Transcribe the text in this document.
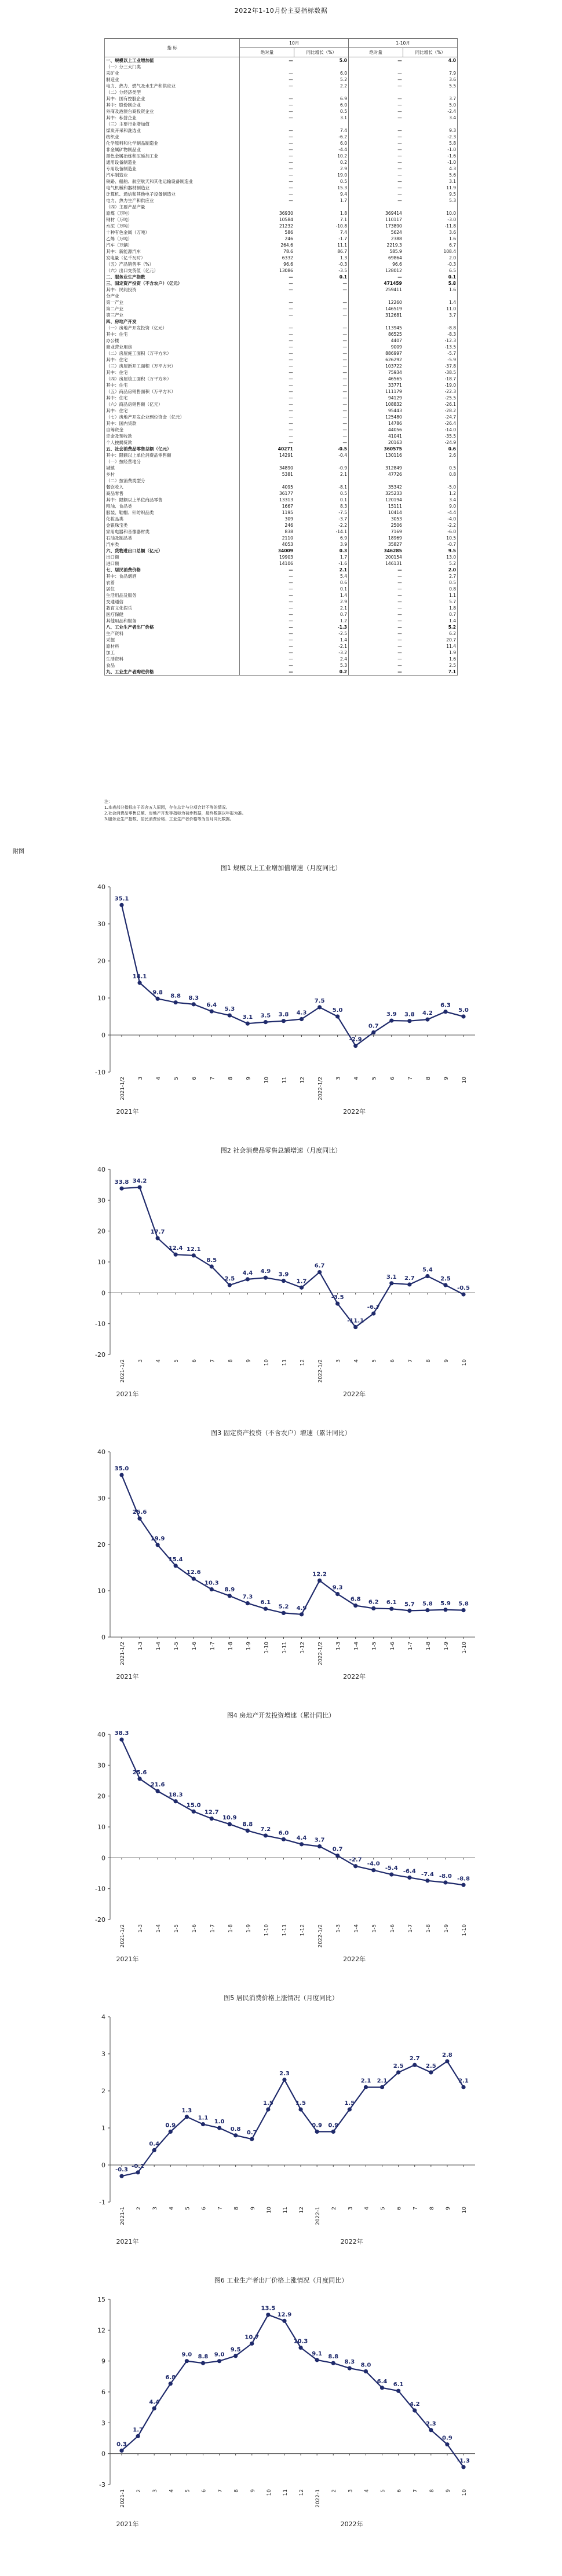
2022年1-10月份主要指标数据
指 标	10月		1-10月	
	绝对量	同比增长（%）	绝对量	同比增长（%）
一、规模以上工业增加值	—	5.0	—	4.0
（一）分三大门类				
采矿业	—	6.0	—	7.9
制造业	—	5.2	—	3.6
电力、热力、燃气及水生产和供应业	—	2.2	—	5.5
（二）分经济类型				
其中：国有控股企业	—	6.9	—	3.7
其中：股份制企业	—	6.0	—	5.0
外商及港澳台商投资企业	—	0.5	—	-2.4
其中：私营企业	—	3.1	—	3.4
（三）主要行业增加值				
煤炭开采和洗选业	—	7.4	—	9.3
纺织业	—	-6.2	—	-2.3
化学原料和化学制品制造业	—	6.0	—	5.8
非金属矿物制品业	—	-4.4	—	-1.0
黑色金属冶炼和压延加工业	—	10.2	—	-1.6
通用设备制造业	—	0.2	—	-1.0
专用设备制造业	—	2.9	—	4.3
汽车制造业	—	19.0	—	5.6
铁路、船舶、航空航天和其他运输设备制造业	—	0.5	—	3.1
电气机械和器材制造业	—	15.3	—	11.9
计算机、通信和其他电子设备制造业	—	9.4	—	9.5
电力、热力生产和供应业	—	1.7	—	5.3
（四）主要产品产量				
原煤（万吨）	36930	1.8	369414	10.0
钢材（万吨）	10584	7.1	110117	-3.0
水泥（万吨）	21232	-10.8	173890	-11.8
十种有色金属（万吨）	586	7.4	5624	3.6
乙烯（万吨）	246	-1.7	2388	1.6
汽车（万辆）	264.6	11.1	2219.3	6.7
其中：新能源汽车	78.6	86.7	585.9	108.4
发电量（亿千瓦时）	6332	1.3	69864	2.0
（五）产品销售率（%）	96.6	-0.3	96.6	-0.3
（六）出口交货值（亿元）	13086	-3.5	128012	6.5
二、服务业生产指数	—	0.1	—	0.1
三、固定资产投资（不含农户）（亿元）	—	—	471459	5.8
其中：民间投资	—	—	259411	1.6
分产业				
第一产业	—	—	12260	1.4
第二产业	—	—	146519	11.0
第三产业	—	—	312681	3.7
四、房地产开发				
（一）房地产开发投资（亿元）	—	—	113945	-8.8
其中：住宅	—	—	86525	-8.3
办公楼	—	—	4407	-12.3
商业营业用房	—	—	9009	-13.5
（二）房屋施工面积（万平方米）	—	—	886997	-5.7
其中：住宅	—	—	626292	-5.9
（三）房屋新开工面积（万平方米）	—	—	103722	-37.8
其中：住宅	—	—	75934	-38.5
（四）房屋竣工面积（万平方米）	—	—	46565	-18.7
其中：住宅	—	—	33771	-19.0
（五）商品房销售面积（万平方米）	—	—	111179	-22.3
其中：住宅	—	—	94129	-25.5
（六）商品房销售额（亿元）	—	—	108832	-26.1
其中：住宅	—	—	95443	-28.2
（七）房地产开发企业到位资金（亿元）	—	—	125480	-24.7
其中：国内贷款	—	—	14786	-26.4
自筹资金	—	—	44056	-14.0
定金及预收款	—	—	41041	-35.5
个人按揭贷款	—	—	20163	-24.9
五、社会消费品零售总额（亿元）	40271	-0.5	360575	0.6
其中：限额以上单位消费品零售额	14291	-0.4	130116	2.6
（一）按经营地分				
城镇	34890	-0.9	312849	0.5
乡村	5381	2.1	47726	0.8
（二）按消费类型分				
餐饮收入	4095	-8.1	35342	-5.0
商品零售	36177	0.5	325233	1.2
其中：限额以上单位商品零售	13313	0.1	120194	3.4
粮油、食品类	1667	8.3	15111	9.0
服装、鞋帽、针纺织品类	1195	-7.5	10414	-4.4
化妆品类	309	-3.7	3053	-4.0
金银珠宝类	246	-2.2	2506	-2.2
家用电器和音像器材类	838	-14.1	7169	-6.0
石油及制品类	2110	6.9	18969	10.5
汽车类	4053	3.9	35827	-0.7
六、货物进出口总额（亿元）	34009	0.3	346285	9.5
出口额	19903	1.7	200154	13.0
进口额	14106	-1.6	146131	5.2
七、居民消费价格	—	2.1	—	2.0
其中：食品烟酒	—	5.4	—	2.7
衣着	—	0.6	—	0.5
居住	—	0.1	—	0.8
生活用品及服务	—	1.4	—	1.1
交通通信	—	2.9	—	5.7
教育文化娱乐	—	2.1	—	1.8
医疗保健	—	0.7	—	0.7
其他用品和服务	—	1.2	—	1.4
八、工业生产者出厂价格	—	-1.3	—	5.2
生产资料	—	-2.5	—	6.2
采掘	—	1.4	—	20.7
原材料	—	-2.1	—	11.4
加工	—	-3.2	—	1.9
生活资料	—	2.4	—	1.6
食品	—	5.3	—	2.5
九、工业生产者购进价格	—	0.2	—	7.1
注：
1.本表部分指标由于四舍五入原因，存在总计与分项合计不等的情况。
2.社会消费品零售总额、房地产开发等指标为初步数据，最终数据以年报为准。
3.服务业生产指数、居民消费价格、工业生产者价格等为当月同比数据。
附图
图1 规模以上工业增加值增速（月度同比）
-10
0
10
20
30
40
2021-1/2 3 4 5 6 7 8 9 10 11 12 2022-1/2 3 4 5 6 7 8 9 10
2021年	2022年
35.1
14.1
9.8
8.8 8.3
6.4
5.3
3.1 3.5 3.8 4.3
7.5
5.0
-2.9
0.7
3.9 3.8 4.2
6.3
5.0
图2 社会消费品零售总额增速（月度同比）
-20
-10
0
10
20
30
40
2021-1/2 3 4 5 6 7 8 9 10 11 12 2022-1/2 3 4 5 6 7 8 9 10
2021年	2022年
33.8 34.2
17.7
12.4 12.1
8.5
2.5
4.4 4.9 3.9
1.7
6.7
-3.5
-11.1
-6.7
3.1 2.7
5.4
2.5
-0.5
图3 固定资产投资（不含农户）增速（累计同比）
0
10
20
30
40
2021-1/2 1-3 1-4 1-5 1-6 1-7 1-8 1-9 1-10 1-11 1-12 2022-1/2 1-3 1-4 1-5 1-6 1-7 1-8 1-9 1-10
2021年	2022年
35.0
25.6
19.9
15.4
12.6
10.3
8.9
7.3
6.1
5.2 4.9
12.2
9.3
6.8 6.2 6.1 5.7 5.8 5.9 5.8
图4 房地产开发投资增速（累计同比）
-20
-10
0
10
20
30
40
2021-1/2 1-3 1-4 1-5 1-6 1-7 1-8 1-9 1-10 1-11 1-12 2022-1/2 1-3 1-4 1-5 1-6 1-7 1-8 1-9 1-10
2021年	2022年
38.3
25.6
21.6
18.3
15.0
12.7
10.9
8.8
7.2
6.0
4.4 3.7
0.7
-2.7
-4.0
-5.4 -6.4 -7.4 -8.0 -8.8
图5 居民消费价格上涨情况（月度同比）
-1
0
1
2
3
4
2021-1 2 3 4 5 6 7 8 9 10 11 12 2022-1 2 3 4 5 6 7 8 9 10
2021年	2022年
-0.3
-0.2
0.4
0.9
1.3
1.1
1.0
0.8
0.7
1.5
2.3
1.5
0.9 0.9
1.5
2.1 2.1
2.5
2.7
2.5
2.8
2.1
图6 工业生产者出厂价格上涨情况（月度同比）
-3
0
3
6
9
12
15
2021-1 2 3 4 5 6 7 8 9 10 11 12 2022-1 2 3 4 5 6 7 8 9 10
2021年	2022年
0.3
1.7
4.4
6.8
9.0 8.8 9.0
9.5
10.7
13.5
12.9
10.3
9.1 8.8
8.3 8.0
6.4 6.1
4.2
2.3
0.9
-1.3
